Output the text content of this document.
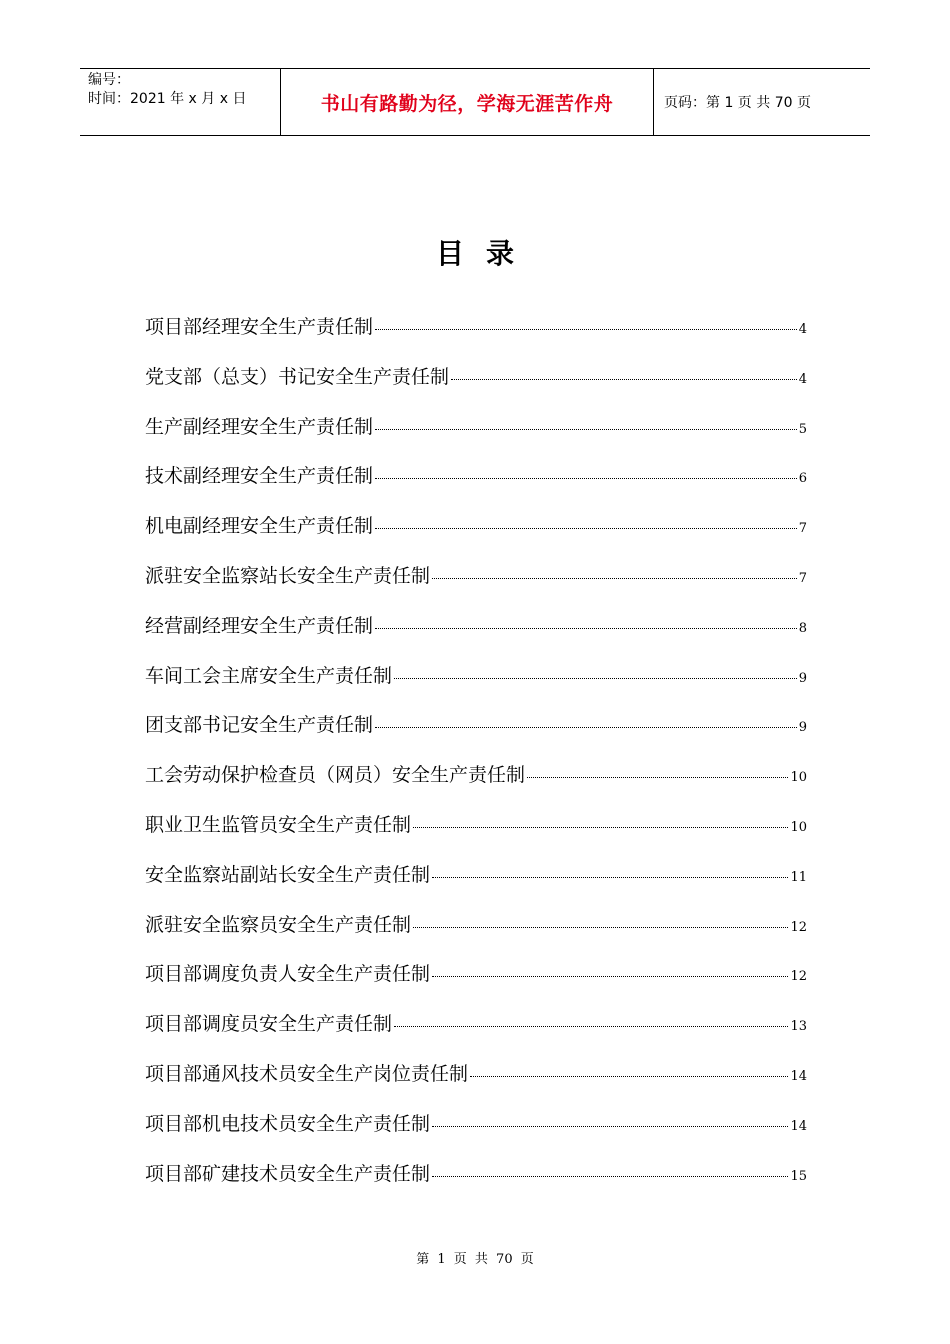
编号：
时间：2021 年 x 月 x 日	书山有路勤为径，学海无涯苦作舟	页码：第 1 页 共 70 页
目录
项目部经理安全生产责任制	4
党支部（总支）书记安全生产责任制	4
生产副经理安全生产责任制	5
技术副经理安全生产责任制	6
机电副经理安全生产责任制	7
派驻安全监察站长安全生产责任制	7
经营副经理安全生产责任制	8
车间工会主席安全生产责任制	9
团支部书记安全生产责任制	9
工会劳动保护检查员（网员）安全生产责任制	10
职业卫生监管员安全生产责任制	10
安全监察站副站长安全生产责任制	11
派驻安全监察员安全生产责任制	12
项目部调度负责人安全生产责任制	12
项目部调度员安全生产责任制	13
项目部通风技术员安全生产岗位责任制	14
项目部机电技术员安全生产责任制	14
项目部矿建技术员安全生产责任制	15
第 1 页 共 70 页
